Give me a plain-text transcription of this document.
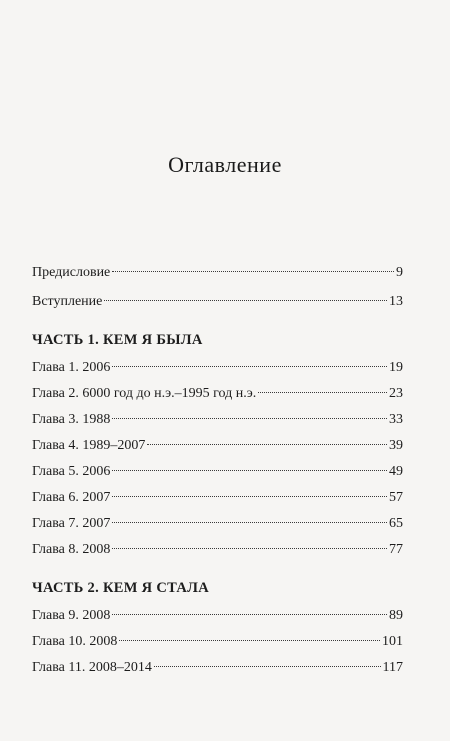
Оглавление
Предисловие	9
Вступление	13
ЧАСТЬ 1. КЕМ Я БЫЛА
Глава 1. 2006	19
Глава 2. 6000 год до н.э.–1995 год н.э.	23
Глава 3. 1988	33
Глава 4. 1989–2007	39
Глава 5. 2006	49
Глава 6. 2007	57
Глава 7. 2007	65
Глава 8. 2008	77
ЧАСТЬ 2. КЕМ Я СТАЛА
Глава 9. 2008	89
Глава 10. 2008	101
Глава 11. 2008–2014	117
